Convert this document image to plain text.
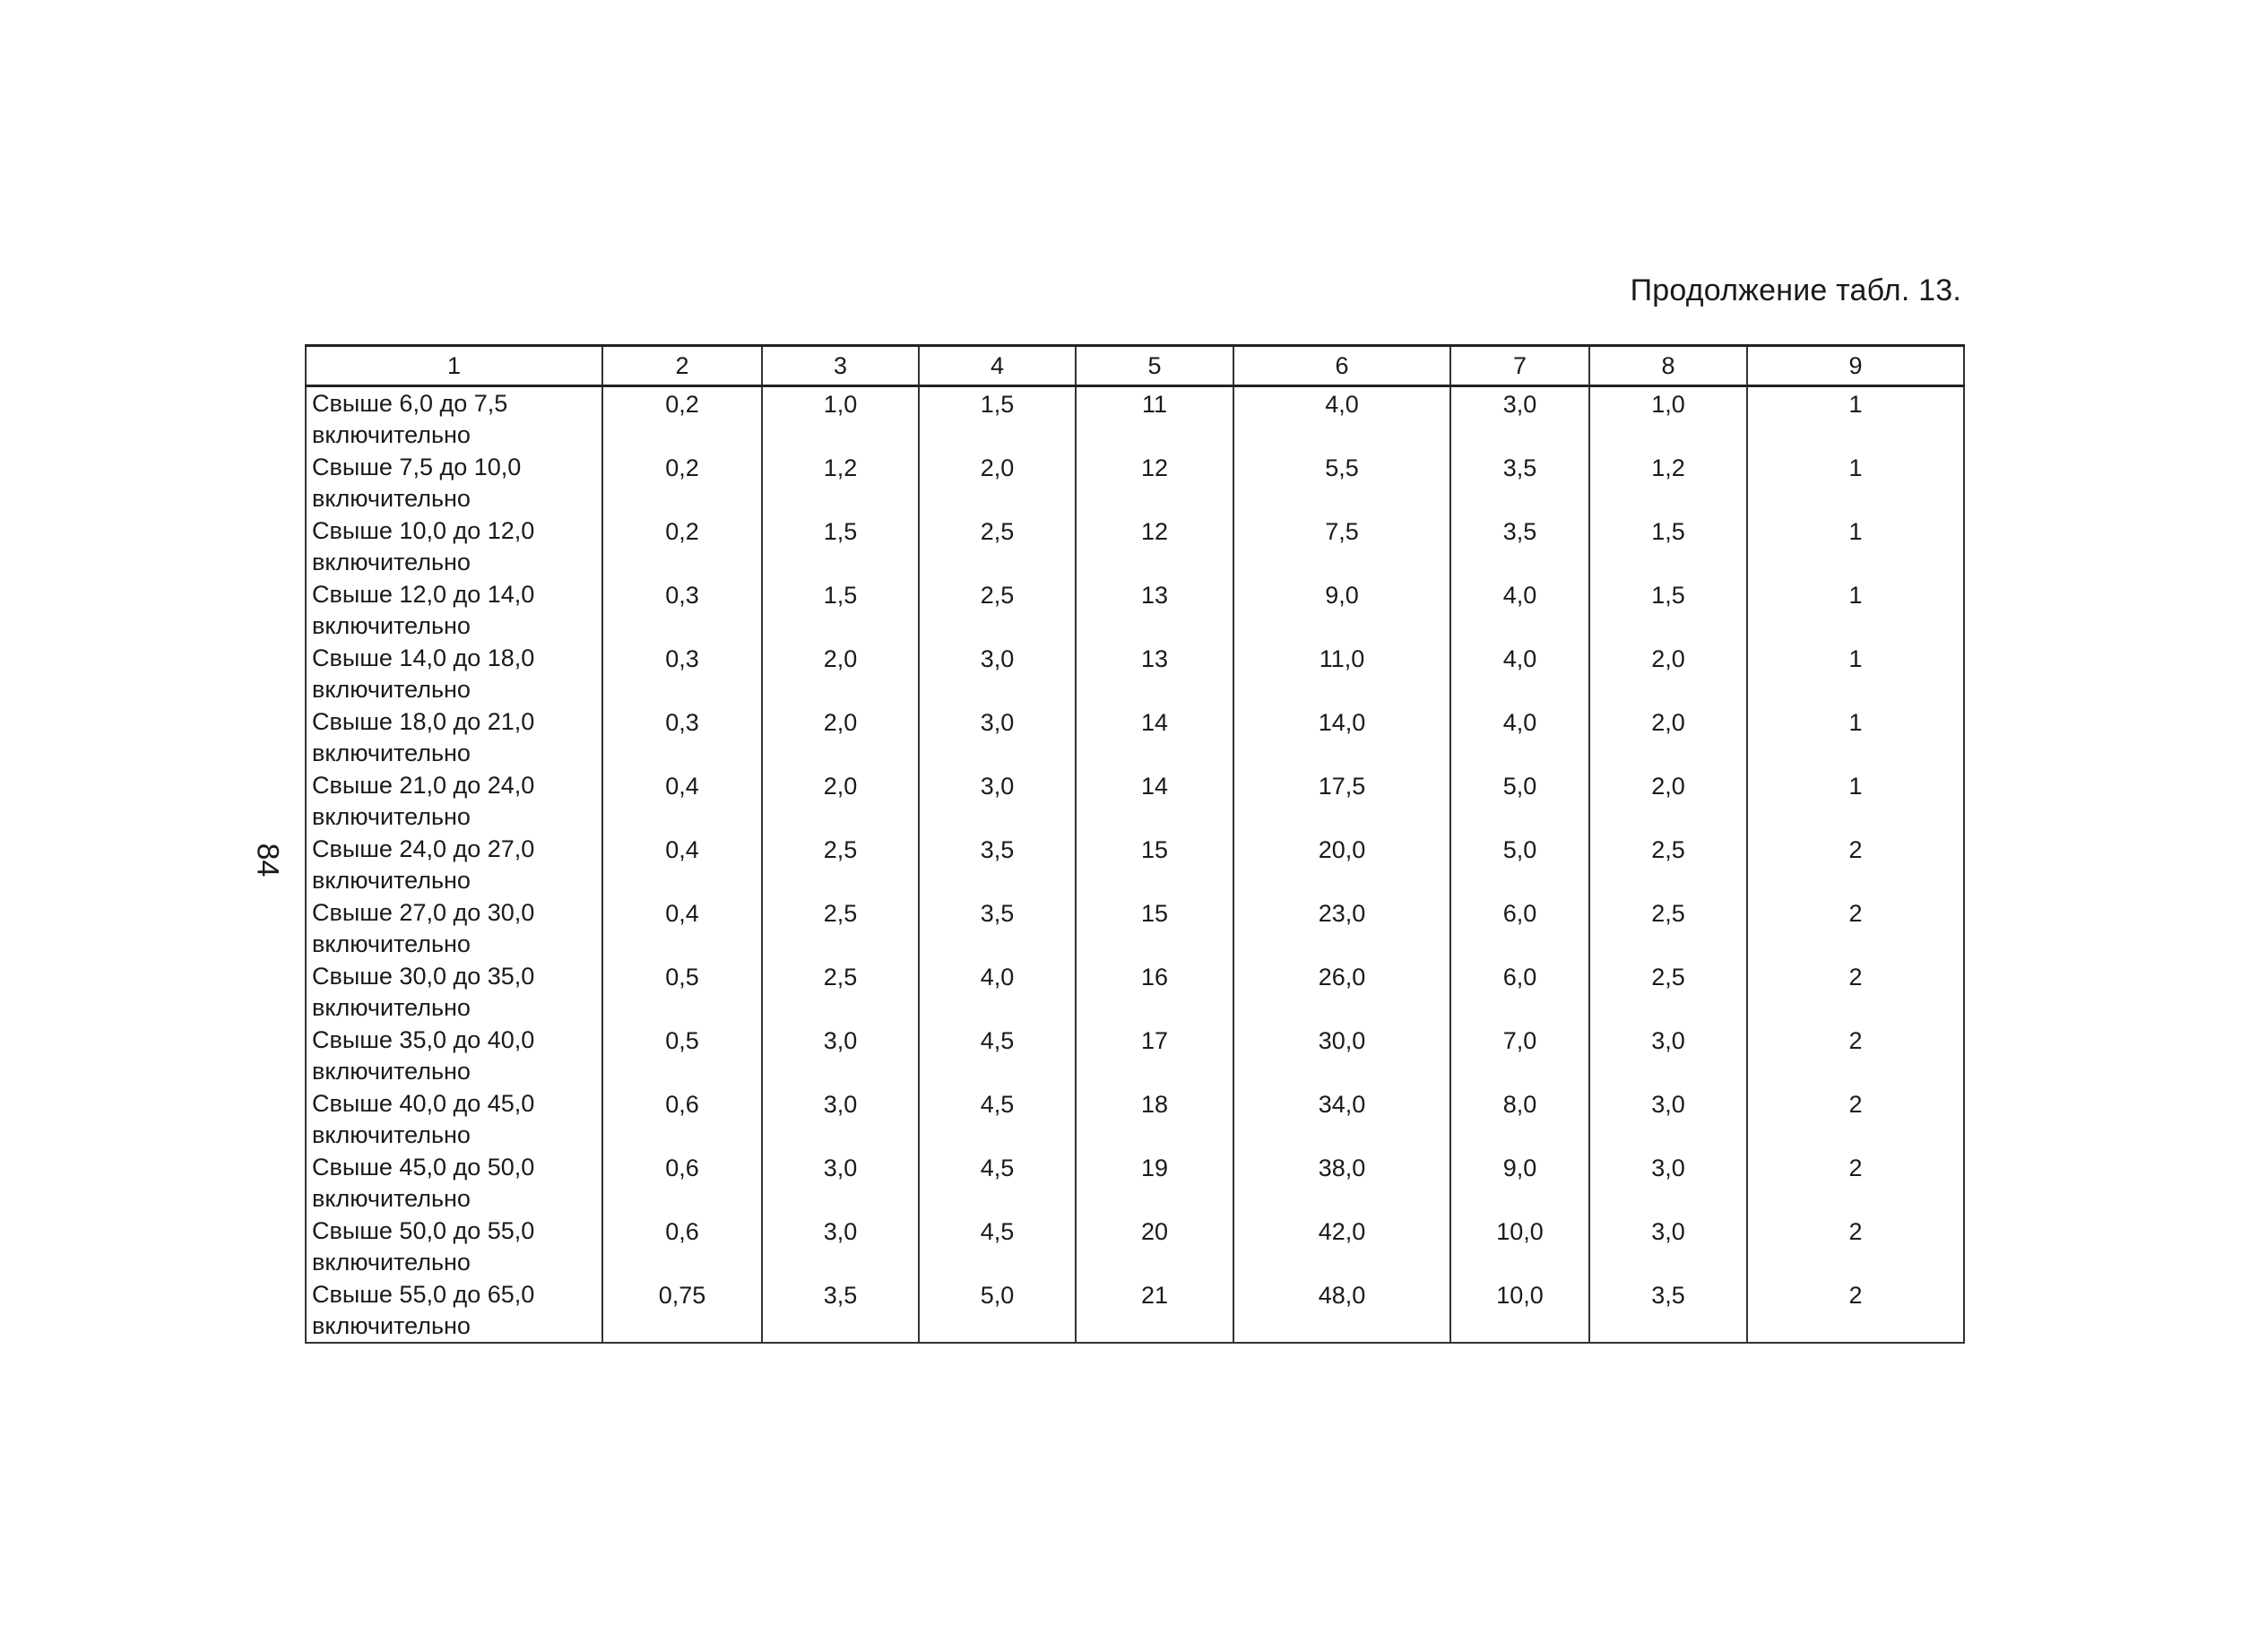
Продолжение табл. 13.
84
1	2	3	4	5	6	7	8	9

Свыше 6,0 до 7,5
включительно	0,2	1,0	1,5	11	4,0	3,0	1,0	1

Свыше 7,5 до 10,0
включительно	0,2	1,2	2,0	12	5,5	3,5	1,2	1

Свыше 10,0 до 12,0
включительно	0,2	1,5	2,5	12	7,5	3,5	1,5	1

Свыше 12,0 до 14,0
включительно	0,3	1,5	2,5	13	9,0	4,0	1,5	1

Свыше 14,0 до 18,0
включительно	0,3	2,0	3,0	13	11,0	4,0	2,0	1

Свыше 18,0 до 21,0
включительно	0,3	2,0	3,0	14	14,0	4,0	2,0	1

Свыше 21,0 до 24,0
включительно	0,4	2,0	3,0	14	17,5	5,0	2,0	1

Свыше 24,0 до 27,0
включительно	0,4	2,5	3,5	15	20,0	5,0	2,5	2

Свыше 27,0 до 30,0
включительно	0,4	2,5	3,5	15	23,0	6,0	2,5	2

Свыше 30,0 до 35,0
включительно	0,5	2,5	4,0	16	26,0	6,0	2,5	2

Свыше 35,0 до 40,0
включительно	0,5	3,0	4,5	17	30,0	7,0	3,0	2

Свыше 40,0 до 45,0
включительно	0,6	3,0	4,5	18	34,0	8,0	3,0	2

Свыше 45,0 до 50,0
включительно	0,6	3,0	4,5	19	38,0	9,0	3,0	2

Свыше 50,0 до 55,0
включительно	0,6	3,0	4,5	20	42,0	10,0	3,0	2

Свыше 55,0 до 65,0
включительно	0,75	3,5	5,0	21	48,0	10,0	3,5	2
